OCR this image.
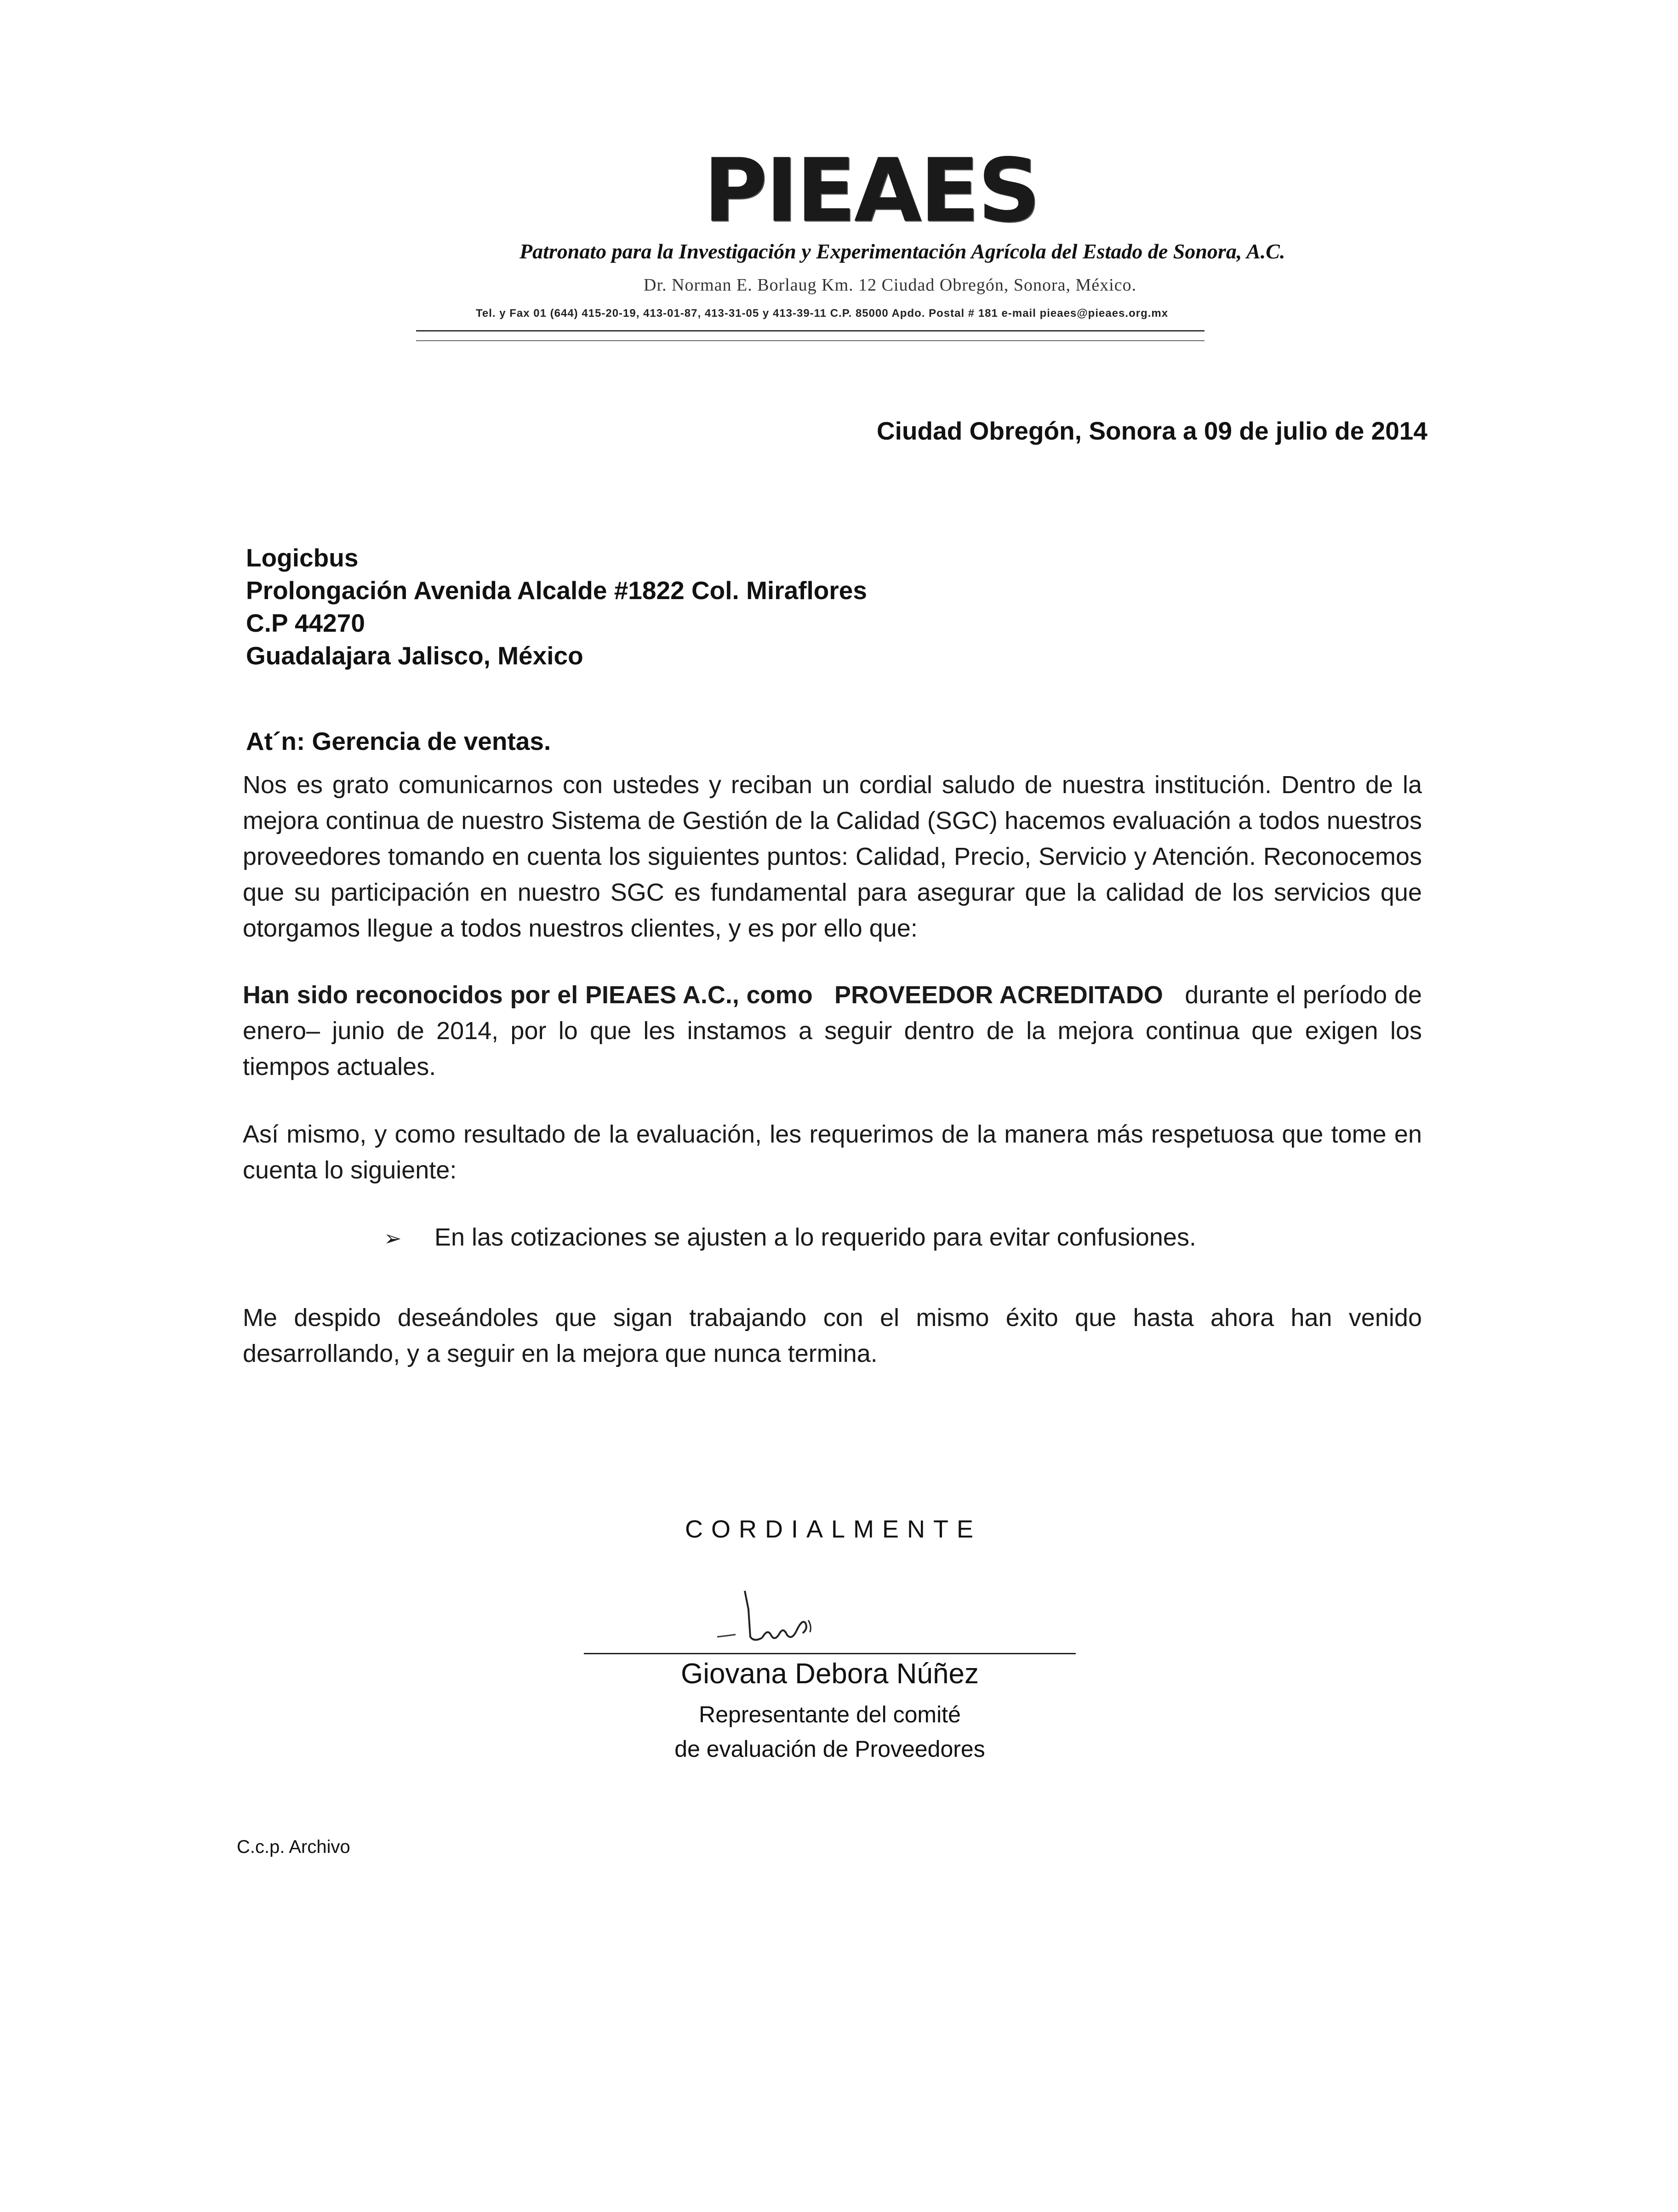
PIEAES
Patronato para la Investigación y Experimentación Agrícola del Estado de Sonora, A.C.
Dr. Norman E. Borlaug Km. 12 Ciudad Obregón, Sonora, México.
Tel. y Fax 01 (644) 415-20-19, 413-01-87, 413-31-05 y 413-39-11 C.P. 85000 Apdo. Postal # 181 e-mail pieaes@pieaes.org.mx
Ciudad Obregón, Sonora a 09 de julio de 2014
Logicbus
Prolongación Avenida Alcalde #1822 Col. Miraflores
C.P 44270
Guadalajara Jalisco, México
At´n: Gerencia de ventas.
Nos es grato comunicarnos con ustedes y reciban un cordial saludo de nuestra institución. Dentro de la mejora continua de nuestro Sistema de Gestión de la Calidad (SGC) hacemos evaluación a todos nuestros proveedores tomando en cuenta los siguientes puntos: Calidad, Precio, Servicio y Atención. Reconocemos que su participación en nuestro SGC es fundamental para asegurar que la calidad de los servicios que otorgamos llegue a todos nuestros clientes, y es por ello que:
Han sido reconocidos por el PIEAES A.C., como PROVEEDOR ACREDITADO durante el período de enero– junio de 2014, por lo que les instamos a seguir dentro de la mejora continua que exigen los tiempos actuales.
Así mismo, y como resultado de la evaluación, les requerimos de la manera más respetuosa que tome en cuenta lo siguiente:
➢ En las cotizaciones se ajusten a lo requerido para evitar confusiones.
Me despido deseándoles que sigan trabajando con el mismo éxito que hasta ahora han venido desarrollando, y a seguir en la mejora que nunca termina.
CORDIALMENTE
Giovana Debora Núñez
Representante del comité
de evaluación de Proveedores
C.c.p. Archivo
